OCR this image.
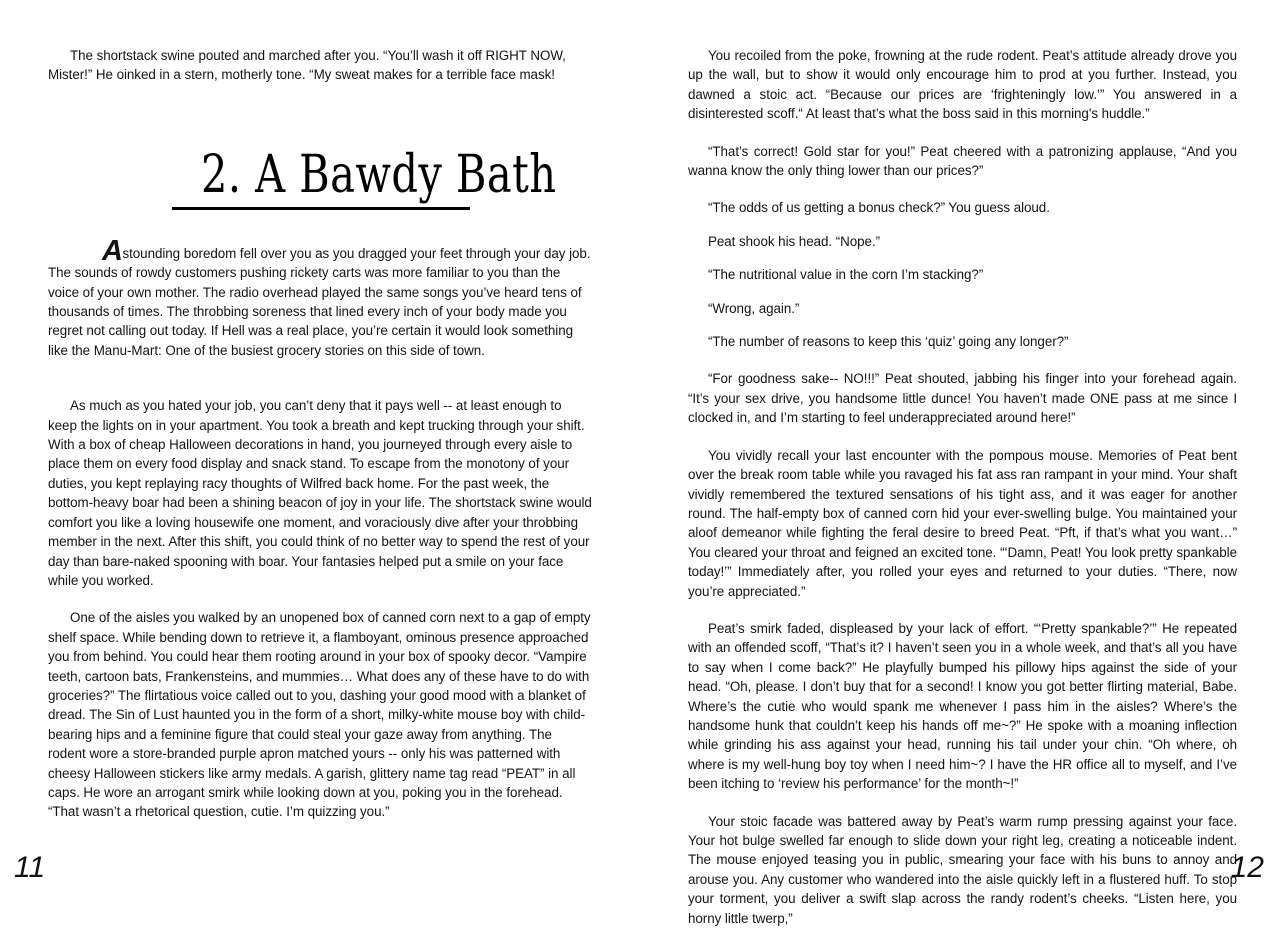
The shortstack swine pouted and marched after you. “You’ll wash it off RIGHT NOW, Mister!” He oinked in a stern, motherly tone. “My sweat makes for a terrible face mask!

2. A Bawdy Bath

Astounding boredom fell over you as you dragged your feet through your day job. The sounds of rowdy customers pushing rickety carts was more familiar to you than the voice of your own mother. The radio overhead played the same songs you’ve heard tens of thousands of times. The throbbing soreness that lined every inch of your body made you regret not calling out today. If Hell was a real place, you’re certain it would look something like the Manu-Mart: One of the busiest grocery stories on this side of town.

As much as you hated your job, you can’t deny that it pays well -- at least enough to keep the lights on in your apartment. You took a breath and kept trucking through your shift. With a box of cheap Halloween decorations in hand, you journeyed through every aisle to place them on every food display and snack stand. To escape from the monotony of your duties, you kept replaying racy thoughts of Wilfred back home. For the past week, the bottom-heavy boar had been a shining beacon of joy in your life. The shortstack swine would comfort you like a loving housewife one moment, and voraciously dive after your throbbing member in the next. After this shift, you could think of no better way to spend the rest of your day than bare-naked spooning with boar. Your fantasies helped put a smile on your face while you worked.

One of the aisles you walked by an unopened box of canned corn next to a gap of empty shelf space. While bending down to retrieve it, a flamboyant, ominous presence approached you from behind. You could hear them rooting around in your box of spooky decor. “Vampire teeth, cartoon bats, Frankensteins, and mummies… What does any of these have to do with groceries?” The flirtatious voice called out to you, dashing your good mood with a blanket of dread. The Sin of Lust haunted you in the form of a short, milky-white mouse boy with child-bearing hips and a feminine figure that could steal your gaze away from anything. The rodent wore a store-branded purple apron matched yours -- only his was patterned with cheesy Halloween stickers like army medals. A garish, glittery name tag read “PEAT” in all caps. He wore an arrogant smirk while looking down at you, poking you in the forehead. “That wasn’t a rhetorical question, cutie. I’m quizzing you.”

11

You recoiled from the poke, frowning at the rude rodent. Peat’s attitude already drove you up the wall, but to show it would only encourage him to prod at you further. Instead, you dawned a stoic act. “Because our prices are ‘frighteningly low.’” You answered in a disinterested scoff.“ At least that’s what the boss said in this morning's huddle.”

“That’s correct! Gold star for you!” Peat cheered with a patronizing applause, “And you wanna know the only thing lower than our prices?”

“The odds of us getting a bonus check?” You guess aloud.

Peat shook his head. “Nope.”

“The nutritional value in the corn I’m stacking?”

“Wrong, again.”

“The number of reasons to keep this ‘quiz’ going any longer?”

“For goodness sake-- NO!!!” Peat shouted, jabbing his finger into your forehead again. “It’s your sex drive, you handsome little dunce! You haven’t made ONE pass at me since I clocked in, and I’m starting to feel underappreciated around here!”

You vividly recall your last encounter with the pompous mouse. Memories of Peat bent over the break room table while you ravaged his fat ass ran rampant in your mind. Your shaft vividly remembered the textured sensations of his tight ass, and it was eager for another round. The half-empty box of canned corn hid your ever-swelling bulge. You maintained your aloof demeanor while fighting the feral desire to breed Peat. “Pft, if that’s what you want…” You cleared your throat and feigned an excited tone. “‘Damn, Peat! You look pretty spankable today!’” Immediately after, you rolled your eyes and returned to your duties. “There, now you’re appreciated.”

Peat’s smirk faded, displeased by your lack of effort. “‘Pretty spankable?’” He repeated with an offended scoff, “That’s it? I haven’t seen you in a whole week, and that’s all you have to say when I come back?” He playfully bumped his pillowy hips against the side of your head. “Oh, please. I don’t buy that for a second! I know you got better flirting material, Babe. Where’s the cutie who would spank me whenever I pass him in the aisles? Where’s the handsome hunk that couldn’t keep his hands off me~?” He spoke with a moaning inflection while grinding his ass against your head, running his tail under your chin. “Oh where, oh where is my well-hung boy toy when I need him~? I have the HR office all to myself, and I’ve been itching to ‘review his performance’ for the month~!”

Your stoic facade was battered away by Peat’s warm rump pressing against your face. Your hot bulge swelled far enough to slide down your right leg, creating a noticeable indent. The mouse enjoyed teasing you in public, smearing your face with his buns to annoy and arouse you. Any customer who wandered into the aisle quickly left in a flustered huff. To stop your torment, you deliver a swift slap across the randy rodent’s cheeks. “Listen here, you horny little twerp,”

12
